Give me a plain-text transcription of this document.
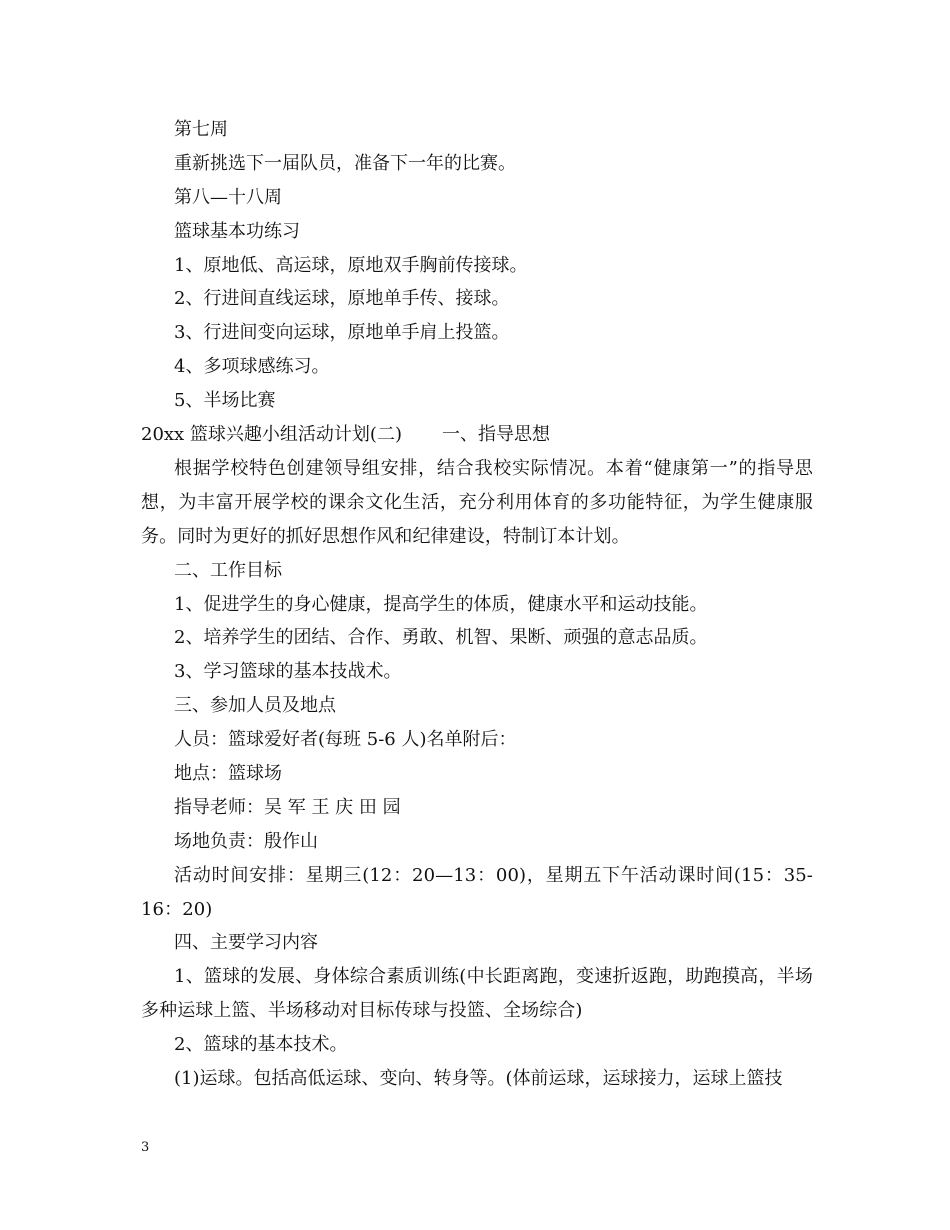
第七周
重新挑选下一届队员，准备下一年的比赛。
第八—十八周
篮球基本功练习
1、原地低、高运球，原地双手胸前传接球。
2、行进间直线运球，原地单手传、接球。
3、行进间变向运球，原地单手肩上投篮。
4、多项球感练习。
5、半场比赛
20xx 篮球兴趣小组活动计划(二) 一、指导思想
根据学校特色创建领导组安排，结合我校实际情况。本着“健康第一”的指导思想，为丰富开展学校的课余文化生活，充分利用体育的多功能特征，为学生健康服务。同时为更好的抓好思想作风和纪律建设，特制订本计划。
二、工作目标
1、促进学生的身心健康，提高学生的体质，健康水平和运动技能。
2、培养学生的团结、合作、勇敢、机智、果断、顽强的意志品质。
3、学习篮球的基本技战术。
三、参加人员及地点
人员：篮球爱好者(每班 5-6 人)名单附后：
地点：篮球场
指导老师：吴 军 王 庆 田 园
场地负责：殷作山
活动时间安排：星期三(12：20—13：00)，星期五下午活动课时间(15：35-16：20)
四、主要学习内容
1、篮球的发展、身体综合素质训练(中长距离跑，变速折返跑，助跑摸高，半场多种运球上篮、半场移动对目标传球与投篮、全场综合)
2、篮球的基本技术。
(1)运球。包括高低运球、变向、转身等。(体前运球，运球接力，运球上篮技
3
